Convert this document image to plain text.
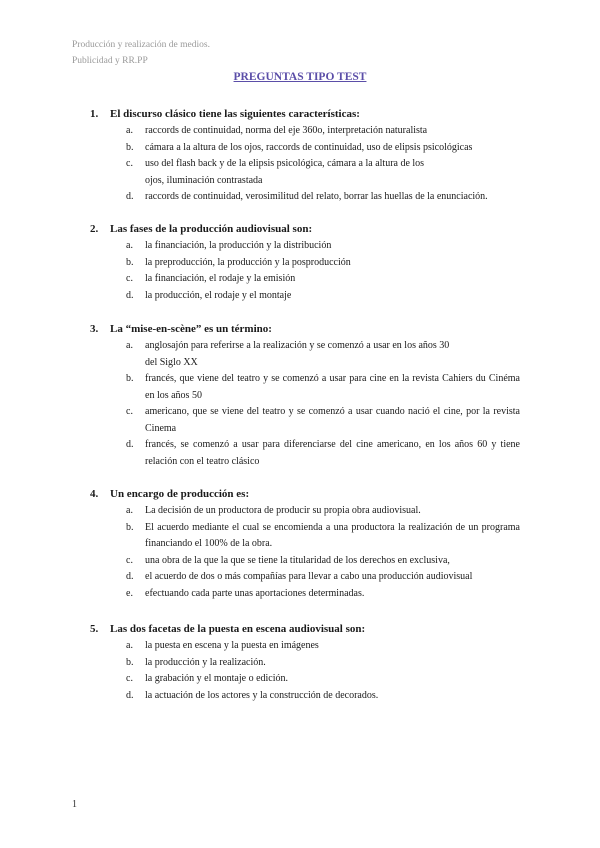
Producción y realización de medios.
Publicidad y RR.PP
PREGUNTAS TIPO TEST
1. El discurso clásico tiene las siguientes características:
a. raccords de continuidad, norma del eje 360o, interpretación naturalista
b. cámara a la altura de los ojos, raccords de continuidad, uso de elipsis psicológicas
c. uso del flash back y de la elipsis psicológica, cámara a la altura de los ojos, iluminación contrastada
d. raccords de continuidad, verosimilitud del relato, borrar las huellas de la enunciación.
2. Las fases de la producción audiovisual son:
a. la financiación, la producción y la distribución
b. la preproducción, la producción y la posproducción
c. la financiación, el rodaje y la emisión
d. la producción, el rodaje y el montaje
3. La “mise-en-scène” es un término:
a. anglosajón para referirse a la realización y se comenzó a usar en los años 30 del Siglo XX
b. francés, que viene del teatro y se comenzó a usar para cine en la revista Cahiers du Cinéma en los años 50
c. americano, que se viene del teatro y se comenzó a usar cuando nació el cine, por la revista Cinema
d. francés, se comenzó a usar para diferenciarse del cine americano, en los años 60 y tiene relación con el teatro clásico
4. Un encargo de producción es:
a. La decisión de un productora de producir su propia obra audiovisual.
b. El acuerdo mediante el cual se encomienda a una productora la realización de un programa financiando el 100% de la obra.
c. una obra de la que la que se tiene la titularidad de los derechos en exclusiva,
d. el acuerdo de dos o más compañías para llevar a cabo una producción audiovisual
e. efectuando cada parte unas aportaciones determinadas.
5. Las dos facetas de la puesta en escena audiovisual son:
a. la puesta en escena y la puesta en imágenes
b. la producción y la realización.
c. la grabación y el montaje o edición.
d. la actuación de los actores y la construcción de decorados.
1
